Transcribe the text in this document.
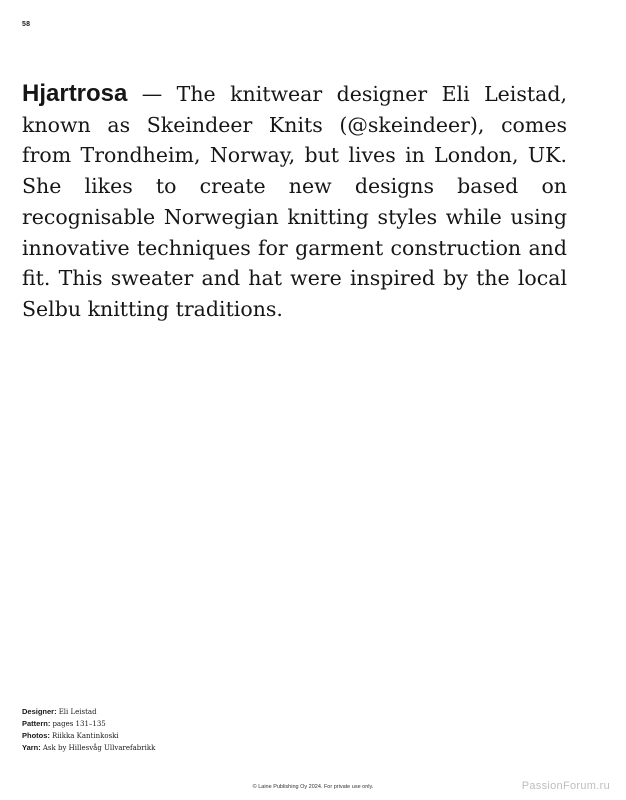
58
Hjartrosa — The knitwear designer Eli Leistad, known as Skeindeer Knits (@skeindeer), comes from Trondheim, Norway, but lives in London, UK. She likes to create new designs based on recognisable Norwegian knitting styles while using innovative techniques for garment construction and fit. This sweater and hat were inspired by the local Selbu knitting traditions.
Designer: Eli Leistad
Pattern: pages 131–135
Photos: Riikka Kantinkoski
Yarn: Ask by Hillesvåg Ullvarefabrikk
© Laine Publishing Oy 2024. For private use only.	PassionForum.ru
